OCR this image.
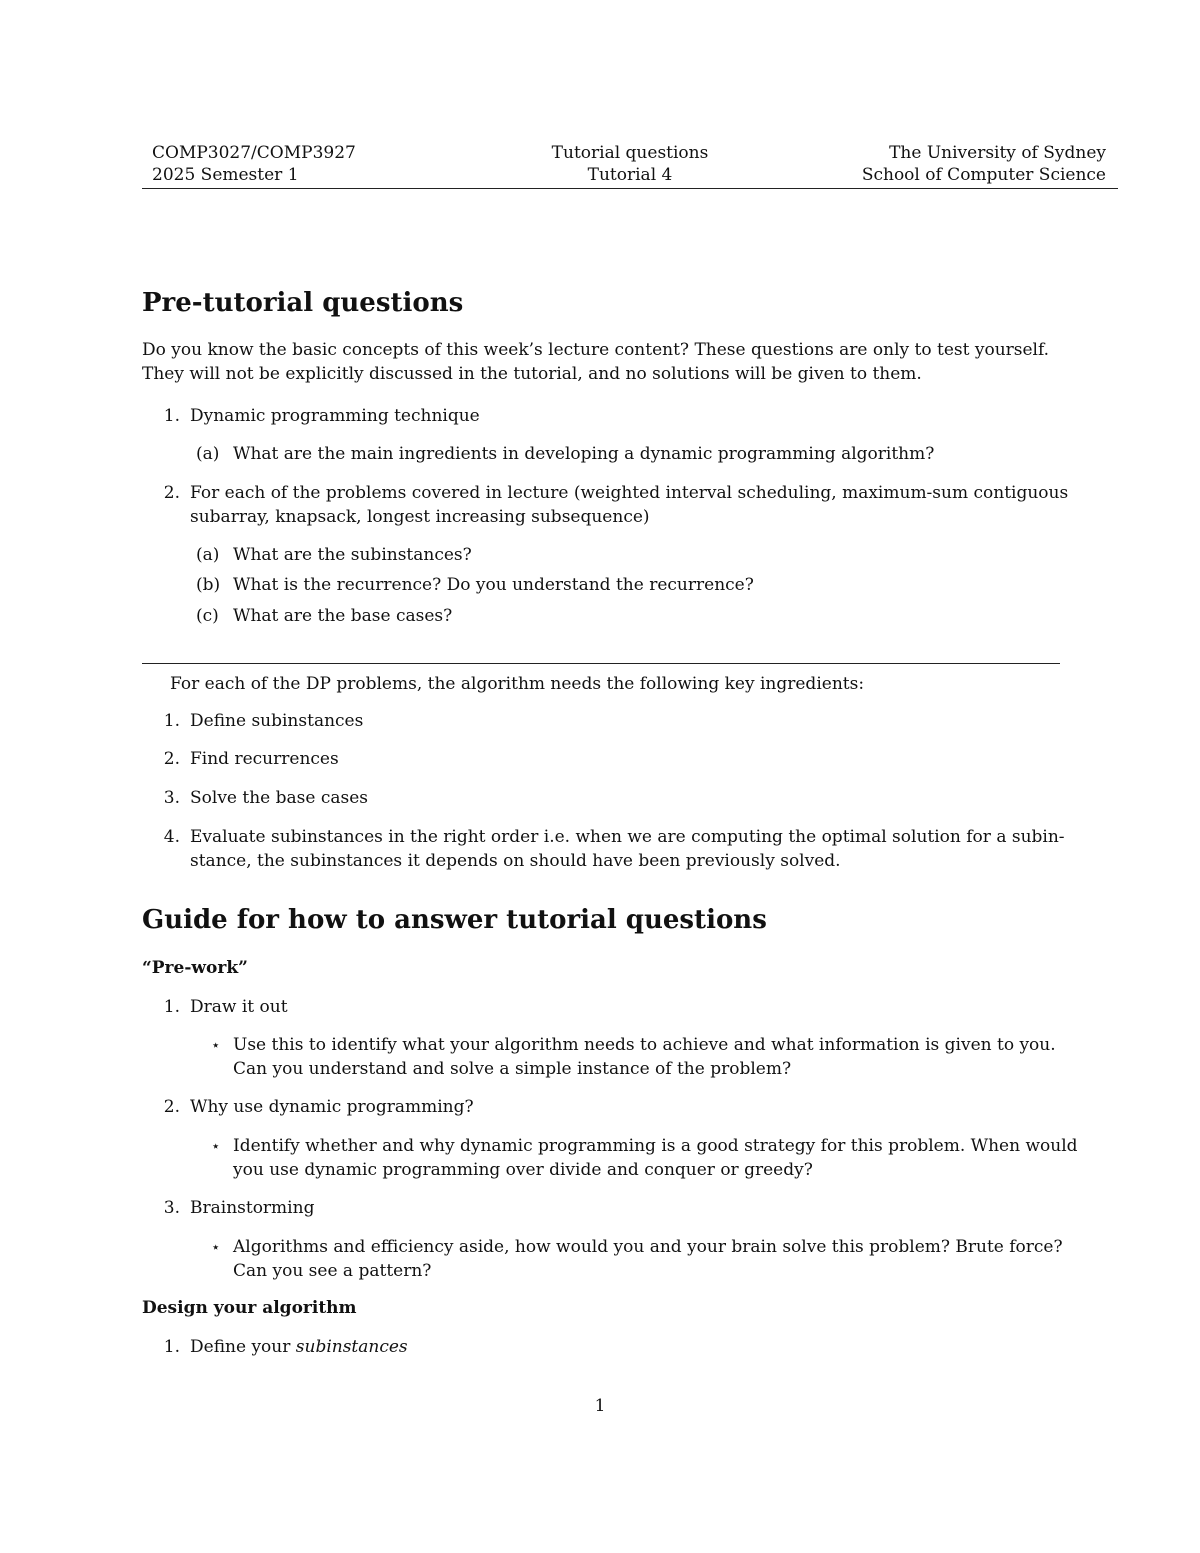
COMP3027/COMP3927
2025 Semester 1
Tutorial questions
Tutorial 4
The University of Sydney
School of Computer Science
Pre-tutorial questions
Do you know the basic concepts of this week’s lecture content? These questions are only to test yourself.
They will not be explicitly discussed in the tutorial, and no solutions will be given to them.
1. Dynamic programming technique
(a) What are the main ingredients in developing a dynamic programming algorithm?
2. For each of the problems covered in lecture (weighted interval scheduling, maximum-sum contiguous
subarray, knapsack, longest increasing subsequence)
(a) What are the subinstances?
(b) What is the recurrence? Do you understand the recurrence?
(c) What are the base cases?
For each of the DP problems, the algorithm needs the following key ingredients:
1. Define subinstances
2. Find recurrences
3. Solve the base cases
4. Evaluate subinstances in the right order i.e. when we are computing the optimal solution for a subin-
stance, the subinstances it depends on should have been previously solved.
Guide for how to answer tutorial questions
“Pre-work”
1. Draw it out
⋆ Use this to identify what your algorithm needs to achieve and what information is given to you.
Can you understand and solve a simple instance of the problem?
2. Why use dynamic programming?
⋆ Identify whether and why dynamic programming is a good strategy for this problem. When would
you use dynamic programming over divide and conquer or greedy?
3. Brainstorming
⋆ Algorithms and efficiency aside, how would you and your brain solve this problem? Brute force?
Can you see a pattern?
Design your algorithm
1. Define your subinstances
1
